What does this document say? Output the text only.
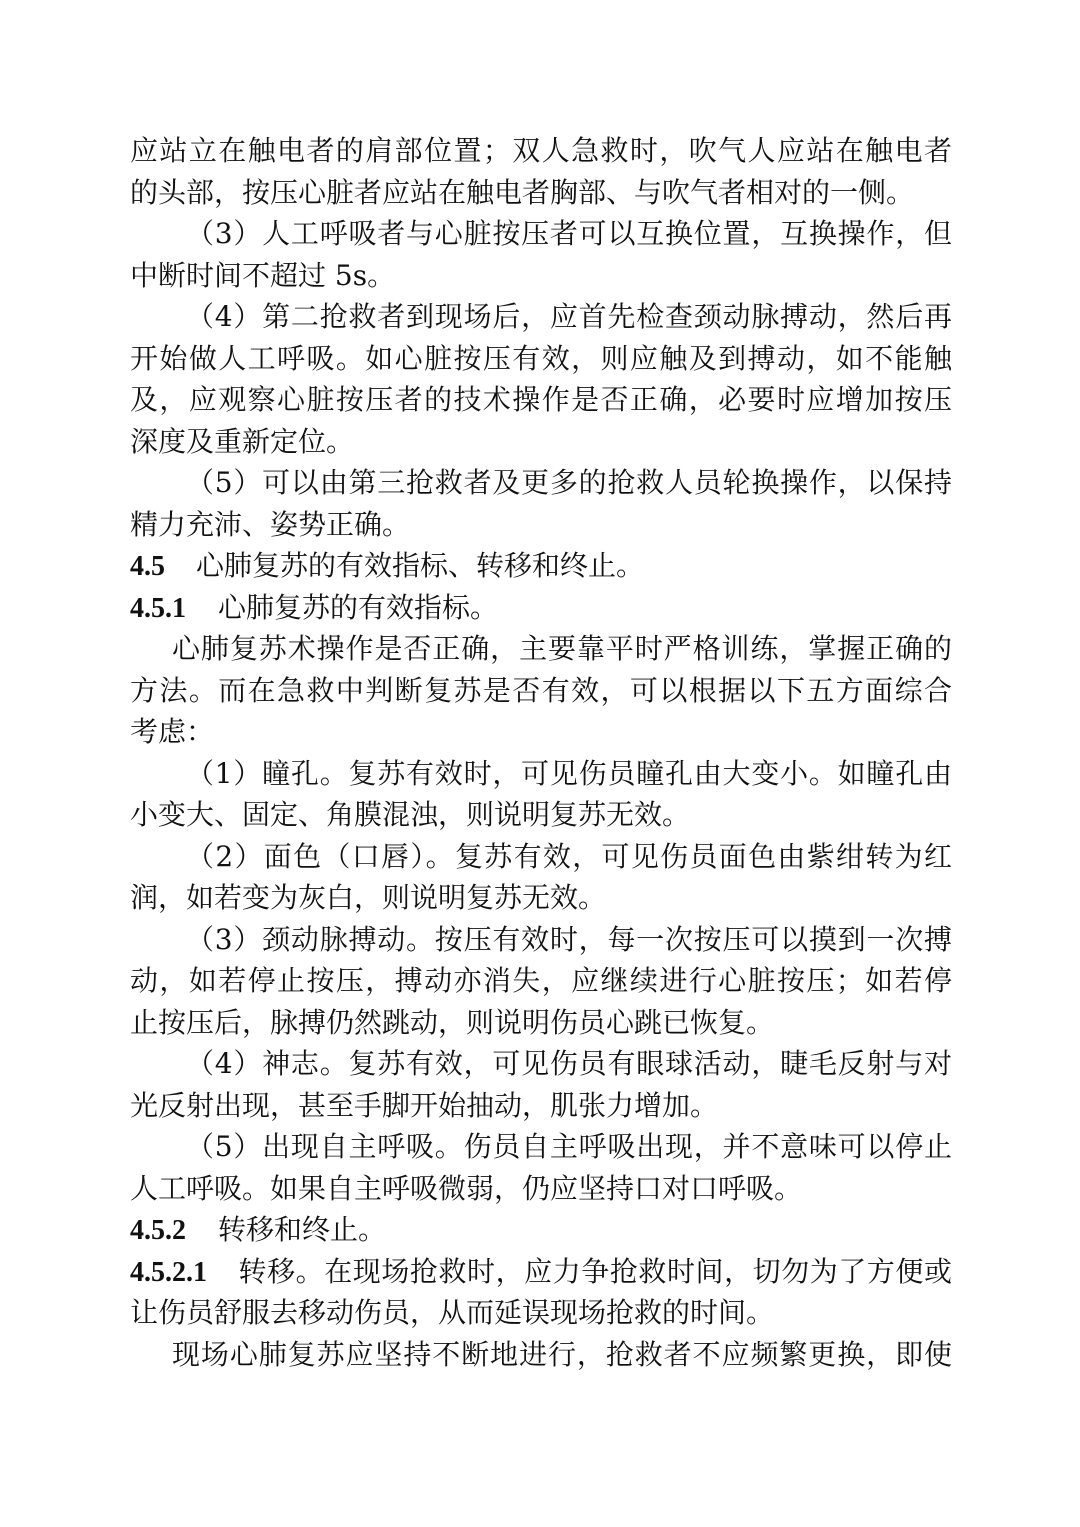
应站立在触电者的肩部位置；双人急救时，吹气人应站在触电者
的头部，按压心脏者应站在触电者胸部、与吹气者相对的一侧。
（3）人工呼吸者与心脏按压者可以互换位置，互换操作，但
中断时间不超过 5s。
（4）第二抢救者到现场后，应首先检查颈动脉搏动，然后再
开始做人工呼吸。如心脏按压有效，则应触及到搏动，如不能触
及，应观察心脏按压者的技术操作是否正确，必要时应增加按压
深度及重新定位。
（5）可以由第三抢救者及更多的抢救人员轮换操作，以保持
精力充沛、姿势正确。
4.5 心肺复苏的有效指标、转移和终止。
4.5.1 心肺复苏的有效指标。
心肺复苏术操作是否正确，主要靠平时严格训练，掌握正确的
方法。而在急救中判断复苏是否有效，可以根据以下五方面综合
考虑：
（1）瞳孔。复苏有效时，可见伤员瞳孔由大变小。如瞳孔由
小变大、固定、角膜混浊，则说明复苏无效。
（2）面色（口唇）。复苏有效，可见伤员面色由紫绀转为红
润，如若变为灰白，则说明复苏无效。
（3）颈动脉搏动。按压有效时，每一次按压可以摸到一次搏
动，如若停止按压，搏动亦消失，应继续进行心脏按压；如若停
止按压后，脉搏仍然跳动，则说明伤员心跳已恢复。
（4）神志。复苏有效，可见伤员有眼球活动，睫毛反射与对
光反射出现，甚至手脚开始抽动，肌张力增加。
（5）出现自主呼吸。伤员自主呼吸出现，并不意味可以停止
人工呼吸。如果自主呼吸微弱，仍应坚持口对口呼吸。
4.5.2 转移和终止。
4.5.2.1 转移。在现场抢救时，应力争抢救时间，切勿为了方便或
让伤员舒服去移动伤员，从而延误现场抢救的时间。
现场心肺复苏应坚持不断地进行，抢救者不应频繁更换，即使
